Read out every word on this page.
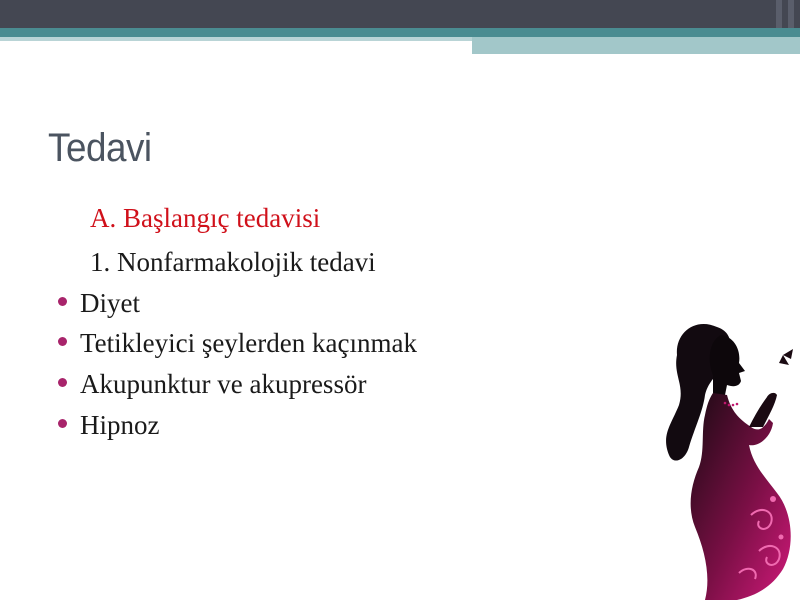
Tedavi
A. Başlangıç tedavisi
1. Nonfarmakolojik tedavi
Diyet
Tetikleyici şeylerden kaçınmak
Akupunktur ve akupressör
Hipnoz
